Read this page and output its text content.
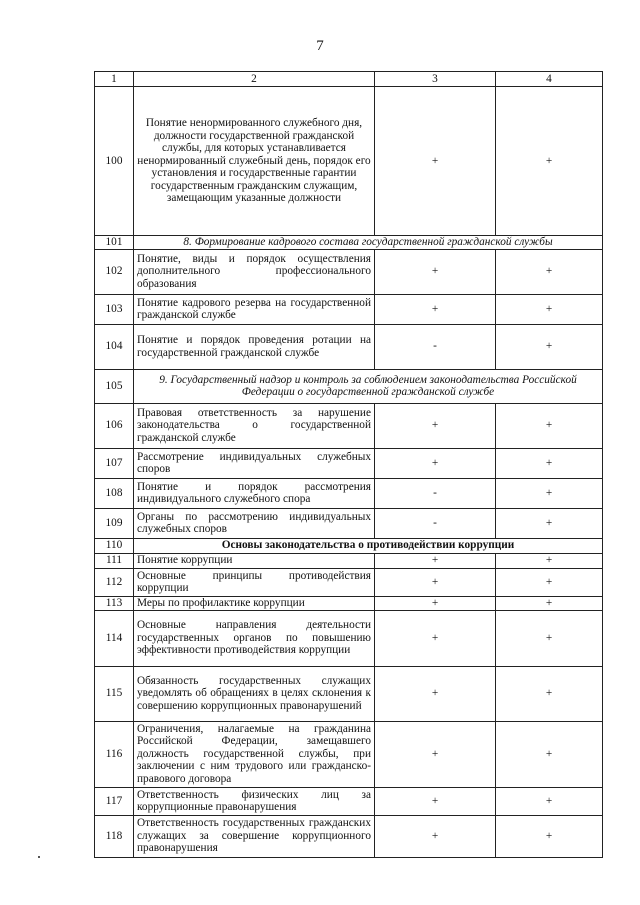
7
1	2	3	4
100	Понятие ненормированного служебного дня, должности государственной гражданской службы, для которых устанавливается ненормированный служебный день, порядок его установления и государственные гарантии государственным гражданским служащим, замещающим указанные должности	+	+
101	8. Формирование кадрового состава государственной гражданской службы		
102	Понятие, виды и порядок осуществления дополнительного профессионального образования	+	+
103	Понятие кадрового резерва на государственной гражданской службе	+	+
104	Понятие и порядок проведения ротации на государственной гражданской службе	-	+
105	9. Государственный надзор и контроль за соблюдением законодательства Российской Федерации о государственной гражданской службе		
106	Правовая ответственность за нарушение законодательства о государственной гражданской службе	+	+
107	Рассмотрение индивидуальных служебных споров	+	+
108	Понятие и порядок рассмотрения индивидуального служебного спора	-	+
109	Органы по рассмотрению индивидуальных служебных споров	-	+
110	Основы законодательства о противодействии коррупции		
111	Понятие коррупции	+	+
112	Основные принципы противодействия коррупции	+	+
113	Меры по профилактике коррупции	+	+
114	Основные направления деятельности государственных органов по повышению эффективности противодействия коррупции	+	+
115	Обязанность государственных служащих уведомлять об обращениях в целях склонения к совершению коррупционных правонарушений	+	+
116	Ограничения, налагаемые на гражданина Российской Федерации, замещавшего должность государственной службы, при заключении с ним трудового или гражданско-правового договора	+	+
117	Ответственность физических лиц за коррупционные правонарушения	+	+
118	Ответственность государственных гражданских служащих за совершение коррупционного правонарушения	+	+
